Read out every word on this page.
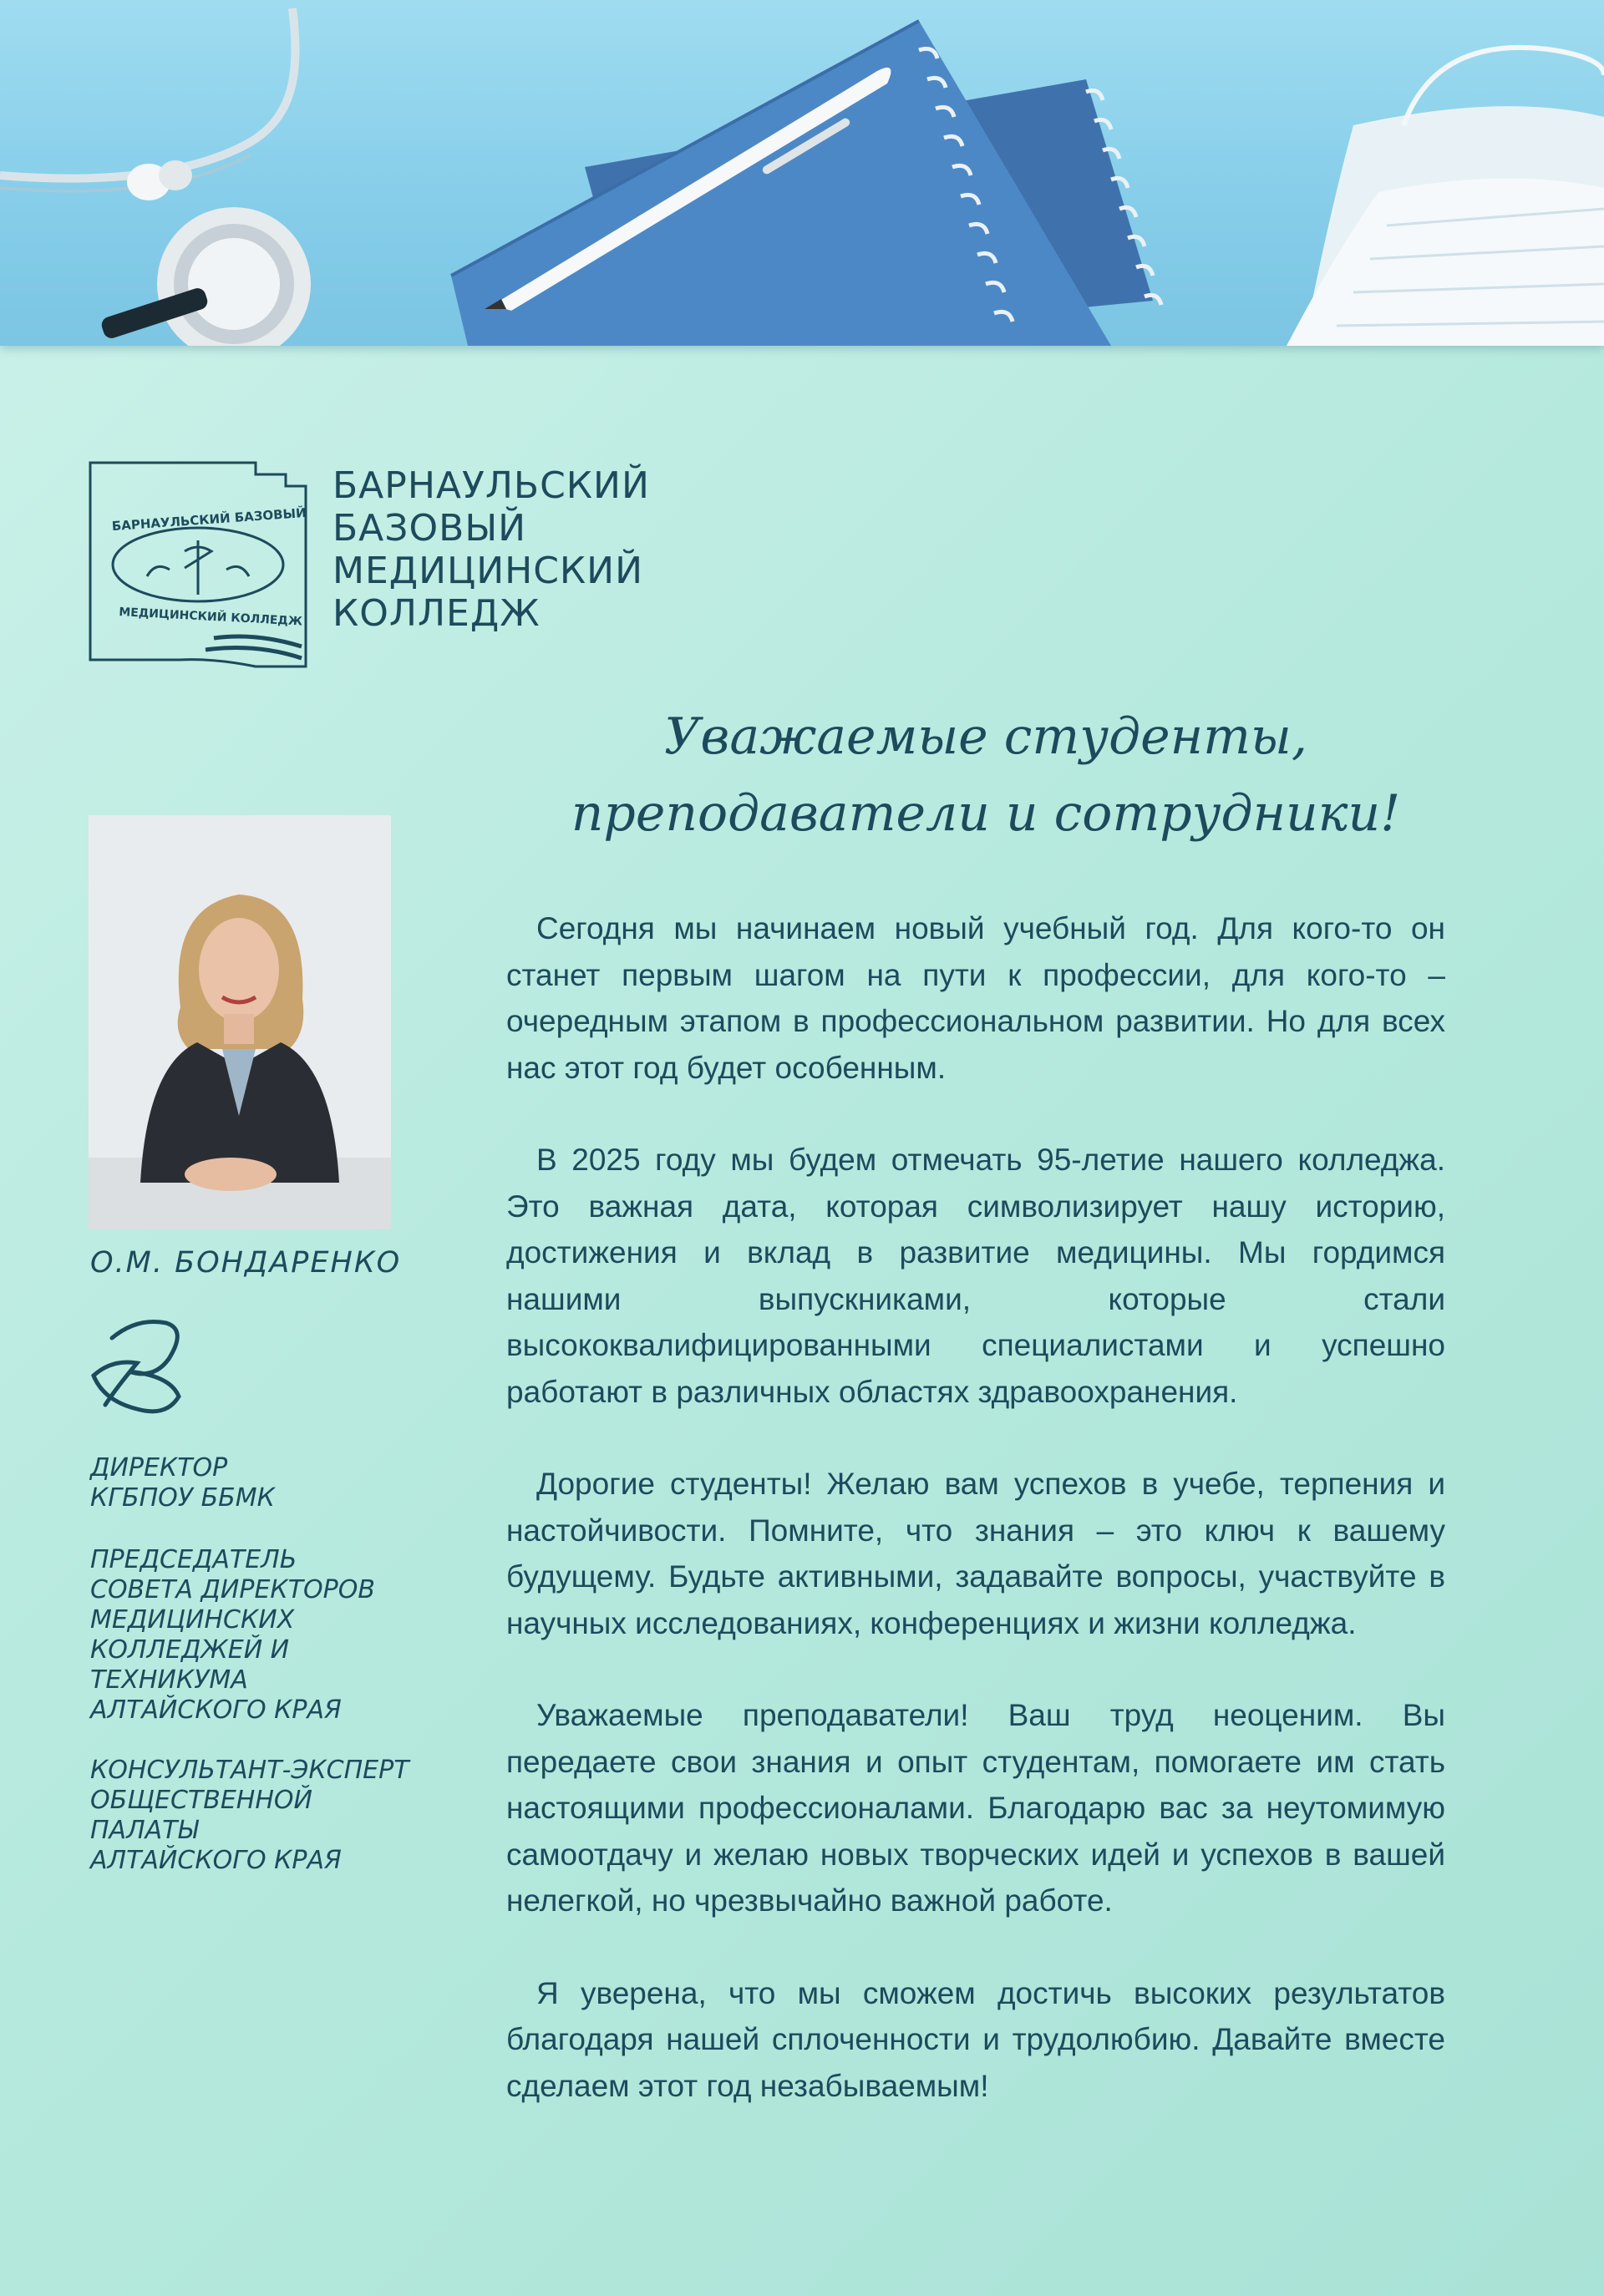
БАРНАУЛЬСКИЙ БАЗОВЫЙ
МЕДИЦИНСКИЙ КОЛЛЕДЖ
БАРНАУЛЬСКИЙ
БАЗОВЫЙ
МЕДИЦИНСКИЙ
КОЛЛЕДЖ
Уважаемые студенты,
преподаватели и сотрудники!
О.М. БОНДАРЕНКО
ДИРЕКТОР
КГБПОУ ББМК
ПРЕДСЕДАТЕЛЬ
СОВЕТА ДИРЕКТОРОВ
МЕДИЦИНСКИХ
КОЛЛЕДЖЕЙ И
ТЕХНИКУМА
АЛТАЙСКОГО КРАЯ
КОНСУЛЬТАНТ-ЭКСПЕРТ
ОБЩЕСТВЕННОЙ
ПАЛАТЫ
АЛТАЙСКОГО КРАЯ

Сегодня мы начинаем новый учебный год. Для кого-то он станет первым шагом на пути к профессии, для кого-то – очередным этапом в профессиональном развитии. Но для всех нас этот год будет особенным.

В 2025 году мы будем отмечать 95-летие нашего колледжа. Это важная дата, которая символизирует нашу историю, достижения и вклад в развитие медицины. Мы гордимся нашими выпускниками, которые стали высококвалифицированными специалистами и успешно работают в различных областях здравоохранения.

Дорогие студенты! Желаю вам успехов в учебе, терпения и настойчивости. Помните, что знания – это ключ к вашему будущему. Будьте активными, задавайте вопросы, участвуйте в научных исследованиях, конференциях и жизни колледжа.

Уважаемые преподаватели! Ваш труд неоценим. Вы передаете свои знания и опыт студентам, помогаете им стать настоящими профессионалами. Благодарю вас за неутомимую самоотдачу и желаю новых творческих идей и успехов в вашей нелегкой, но чрезвычайно важной работе.

Я уверена, что мы сможем достичь высоких результатов благодаря нашей сплоченности и трудолюбию. Давайте вместе сделаем этот год незабываемым!
